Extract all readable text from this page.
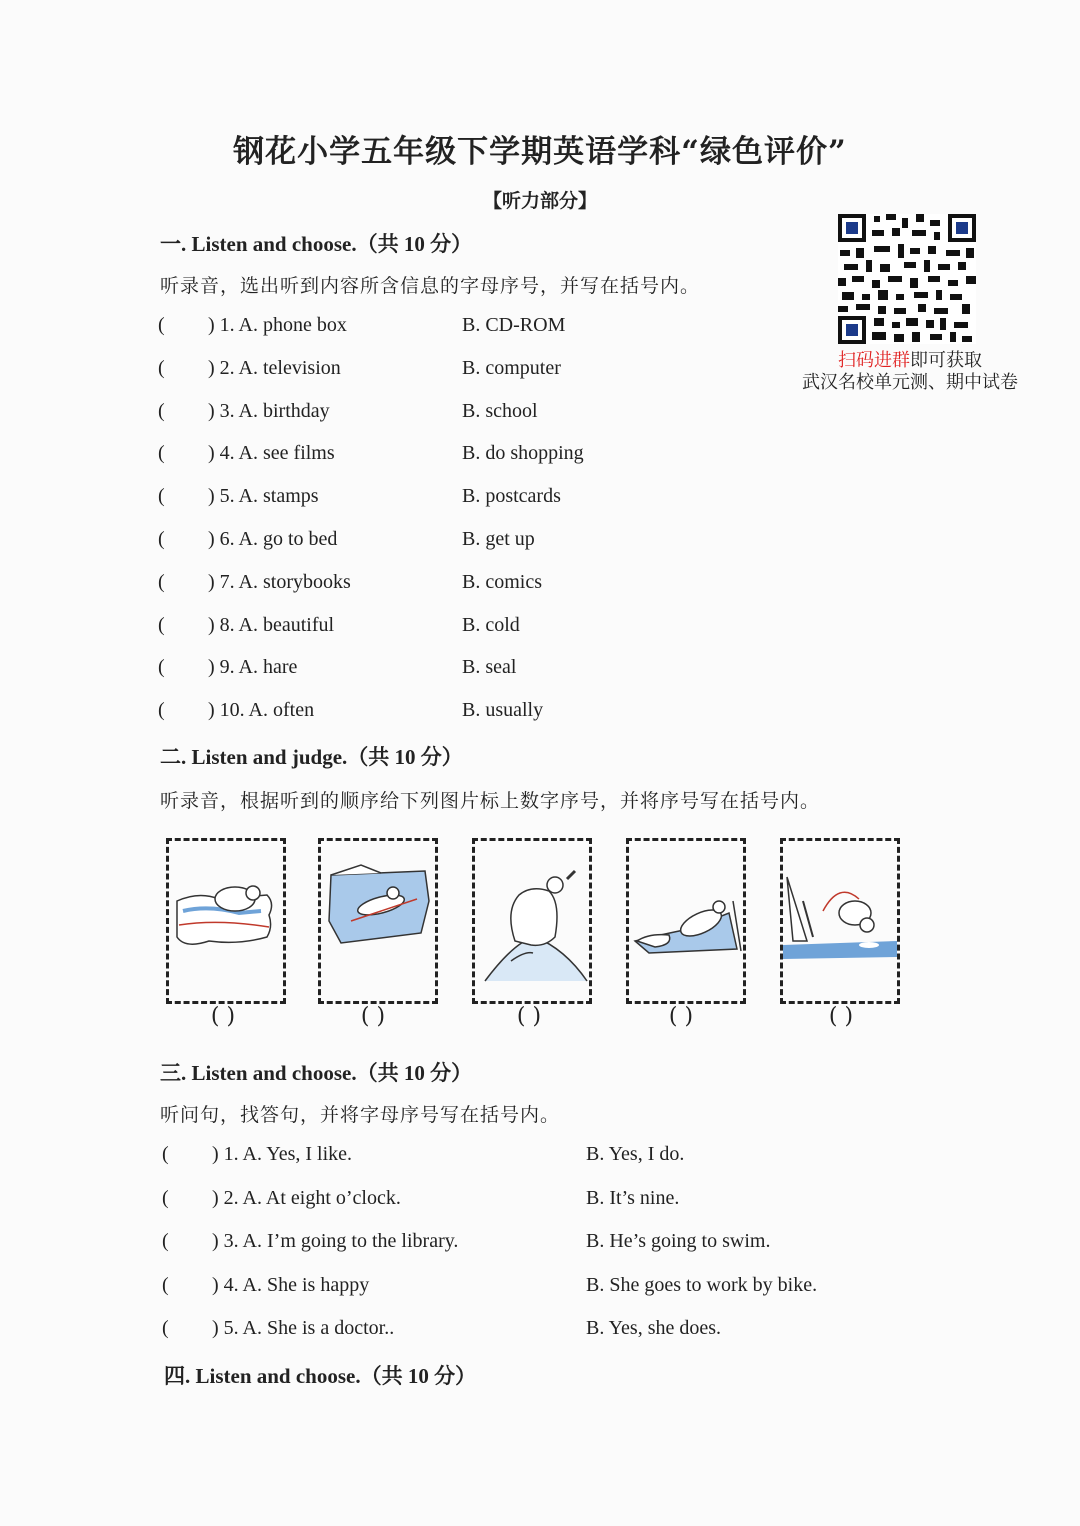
钢花小学五年级下学期英语学科“绿色评价”
【听力部分】
扫码进群即可获取
武汉名校单元测、期中试卷
一. Listen and choose.（共 10 分）
听录音，选出听到内容所含信息的字母序号，并写在括号内。
( ) 1. A. phone box	B. CD-ROM
( ) 2. A. television	B. computer
( ) 3. A. birthday	B. school
( ) 4. A. see films	B. do shopping
( ) 5. A. stamps	B. postcards
( ) 6. A. go to bed	B. get up
( ) 7. A. storybooks	B. comics
( ) 8. A. beautiful	B. cold
( ) 9. A. hare	B. seal
( ) 10. A. often	B. usually
二. Listen and judge.（共 10 分）
听录音，根据听到的顺序给下列图片标上数字序号，并将序号写在括号内。
( )	( )	( )	( )	( )
三. Listen and choose.（共 10 分）
听问句，找答句，并将字母序号写在括号内。
( ) 1. A. Yes, I like.	B. Yes, I do.
( ) 2. A. At eight o’clock.	B. It’s nine.
( ) 3. A. I’m going to the library.	B. He’s going to swim.
( ) 4. A. She is happy	B. She goes to work by bike.
( ) 5. A. She is a doctor..	B. Yes, she does.
四. Listen and choose.（共 10 分）
